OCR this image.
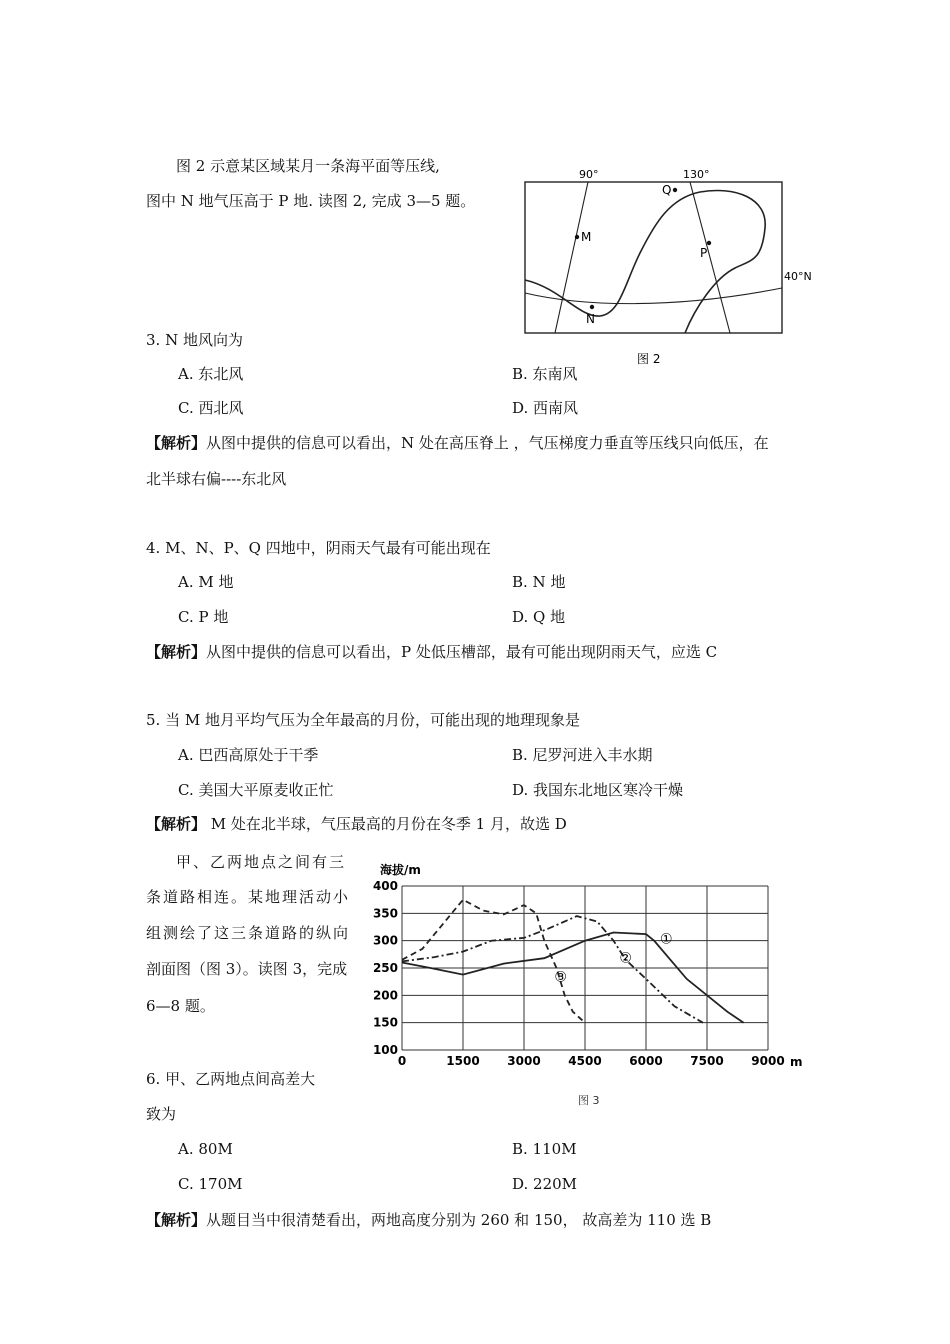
图 2 示意某区域某月一条海平面等压线,
图中 N 地气压高于 P 地. 读图 2, 完成 3—5 题。
M
N
P
Q
90°	130°
40°N
图 2
3. N 地风向为
A. 东北风	B. 东南风
C. 西北风	D. 西南风
【解析】从图中提供的信息可以看出，N 处在高压脊上 ，气压梯度力垂直等压线只向低压，在
北半球右偏----东北风
4. M、N、P、Q 四地中，阴雨天气最有可能出现在
A. M 地	B. N 地
C. P 地	D. Q 地
【解析】从图中提供的信息可以看出，P 处低压槽部，最有可能出现阴雨天气，应选 C
5. 当 M 地月平均气压为全年最高的月份，可能出现的地理现象是
A. 巴西高原处于干季	B. 尼罗河进入丰水期
C. 美国大平原麦收正忙	D. 我国东北地区寒冷干燥
【解析】 M 处在北半球，气压最高的月份在冬季 1 月，故选 D
甲、乙两地点之间有三
条道路相连。某地理活动小
组测绘了这三条道路的纵向
剖面图（图 3）。读图 3，完成
6—8 题。
海拔/m
m
图 3
0	1500 3000 4500 6000 7500 9000
100
150
200
250
300
350
400
①
②
③
6. 甲、乙两地点间高差大
致为
A. 80M	B. 110M
C. 170M	D. 220M
【解析】从题目当中很清楚看出，两地高度分别为 260 和 150， 故高差为 110 选 B
